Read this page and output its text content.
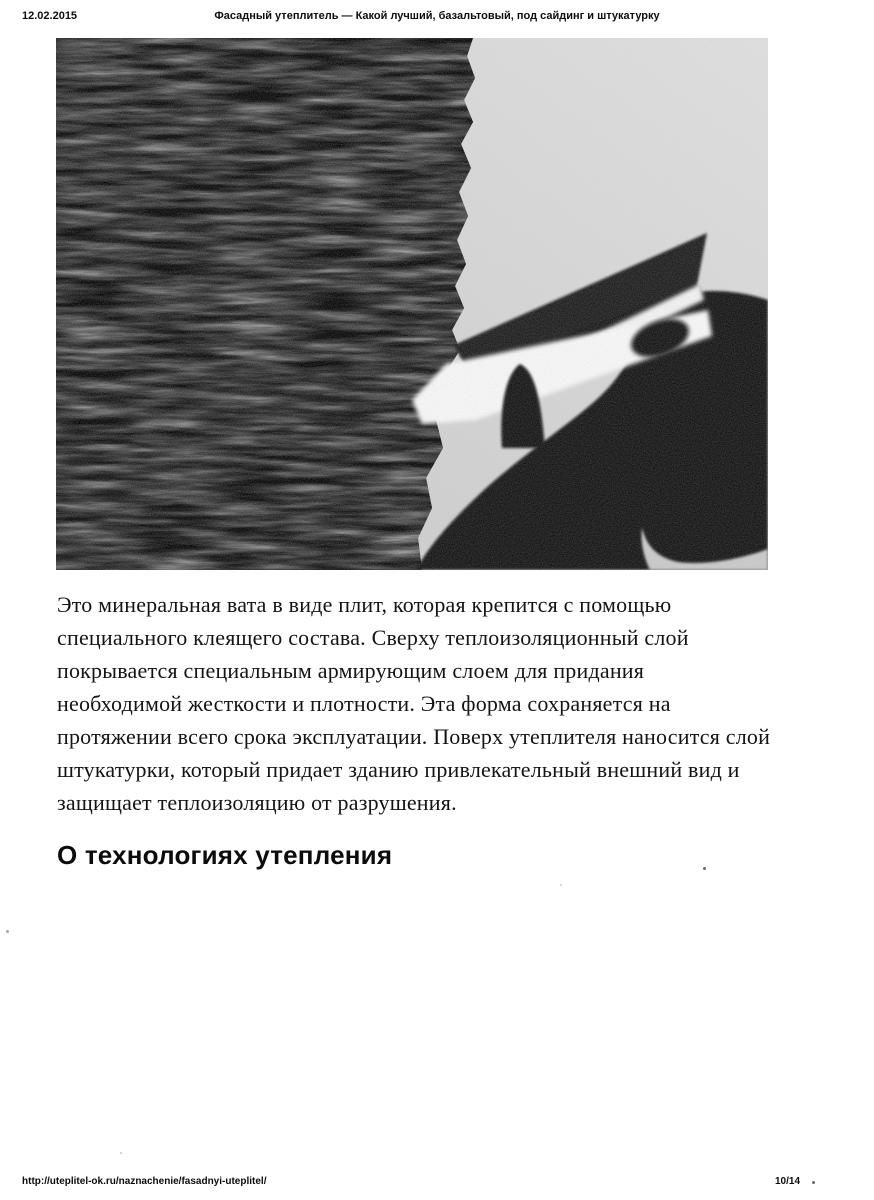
12.02.2015	Фасадный утеплитель — Какой лучший, базальтовый, под сайдинг и штукатурку
Это минеральная вата в виде плит, которая крепится с помощью
специального клеящего состава. Сверху теплоизоляционный слой
покрывается специальным армирующим слоем для придания
необходимой жесткости и плотности. Эта форма сохраняется на
протяжении всего срока эксплуатации. Поверх утеплителя наносится слой
штукатурки, который придает зданию привлекательный внешний вид и
защищает теплоизоляцию от разрушения.
О технологиях утепления
http://uteplitel-ok.ru/naznachenie/fasadnyi-uteplitel/	10/14
